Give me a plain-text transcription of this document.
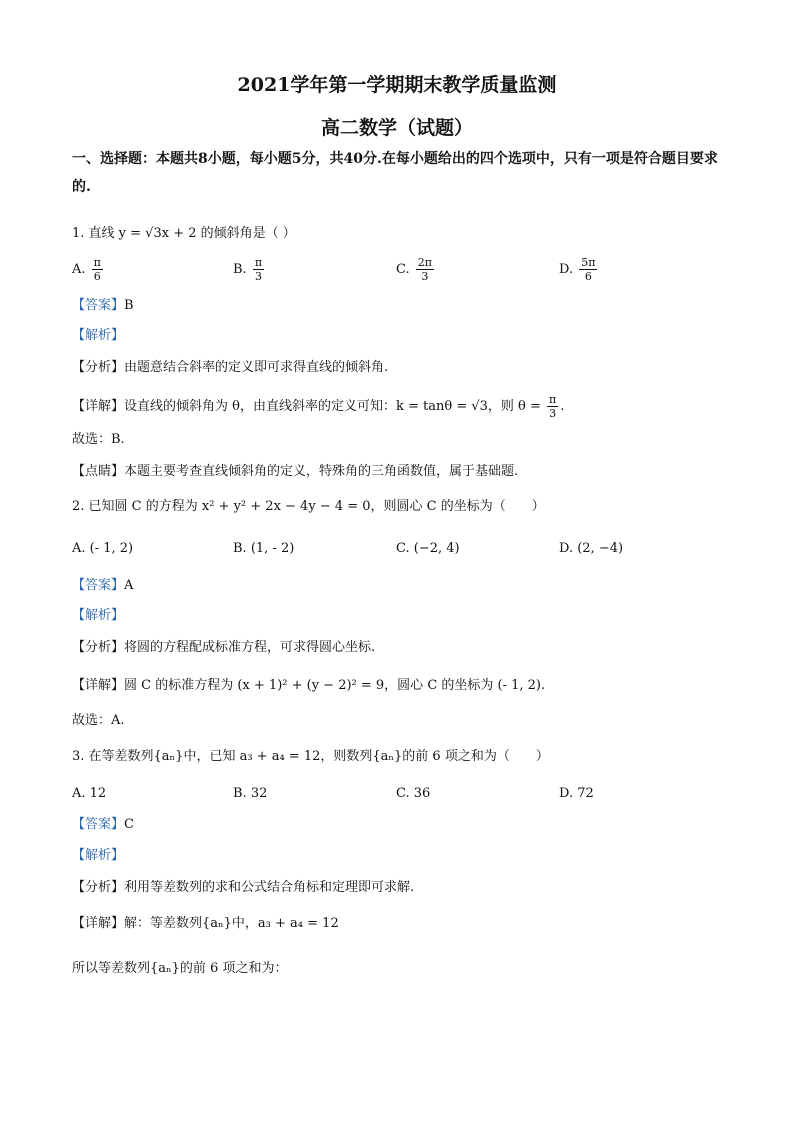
2021学年第一学期期末教学质量监测
高二数学（试题）
一、选择题：本题共8小题，每小题5分，共40分.在每小题给出的四个选项中，只有一项是符合题目要求的.
1. 直线 y = √3x + 2 的倾斜角是（ ）
A. $\frac{\pi}{6}$	B. $\frac{\pi}{3}$	C. $\frac{2\pi}{3}$	D. $\frac{5\pi}{6}$
【答案】B
【解析】
【分析】由题意结合斜率的定义即可求得直线的倾斜角.
【详解】设直线的倾斜角为 θ，由直线斜率的定义可知：k = tanθ = √3，则 $\theta = \frac{\pi}{3}$ .
故选：B.
【点睛】本题主要考查直线倾斜角的定义，特殊角的三角函数值，属于基础题.
2. 已知圆 C 的方程为 x² + y² + 2x − 4y − 4 = 0，则圆心 C 的坐标为（　　）
A. (- 1, 2)	B. (1, - 2)	C. (−2, 4)	D. (2, −4)
【答案】A
【解析】
【分析】将圆的方程配成标准方程，可求得圆心坐标.
【详解】圆 C 的标准方程为 (x + 1)² + (y − 2)² = 9，圆心 C 的坐标为 (- 1, 2).
故选：A.
3. 在等差数列{aₙ}中，已知 a₃ + a₄ = 12，则数列{aₙ}的前 6 项之和为（　　）
A. 12	B. 32	C. 36	D. 72
【答案】C
【解析】
【分析】利用等差数列的求和公式结合角标和定理即可求解.
【详解】解：等差数列{aₙ}中，a₃ + a₄ = 12
所以等差数列{aₙ}的前 6 项之和为：
